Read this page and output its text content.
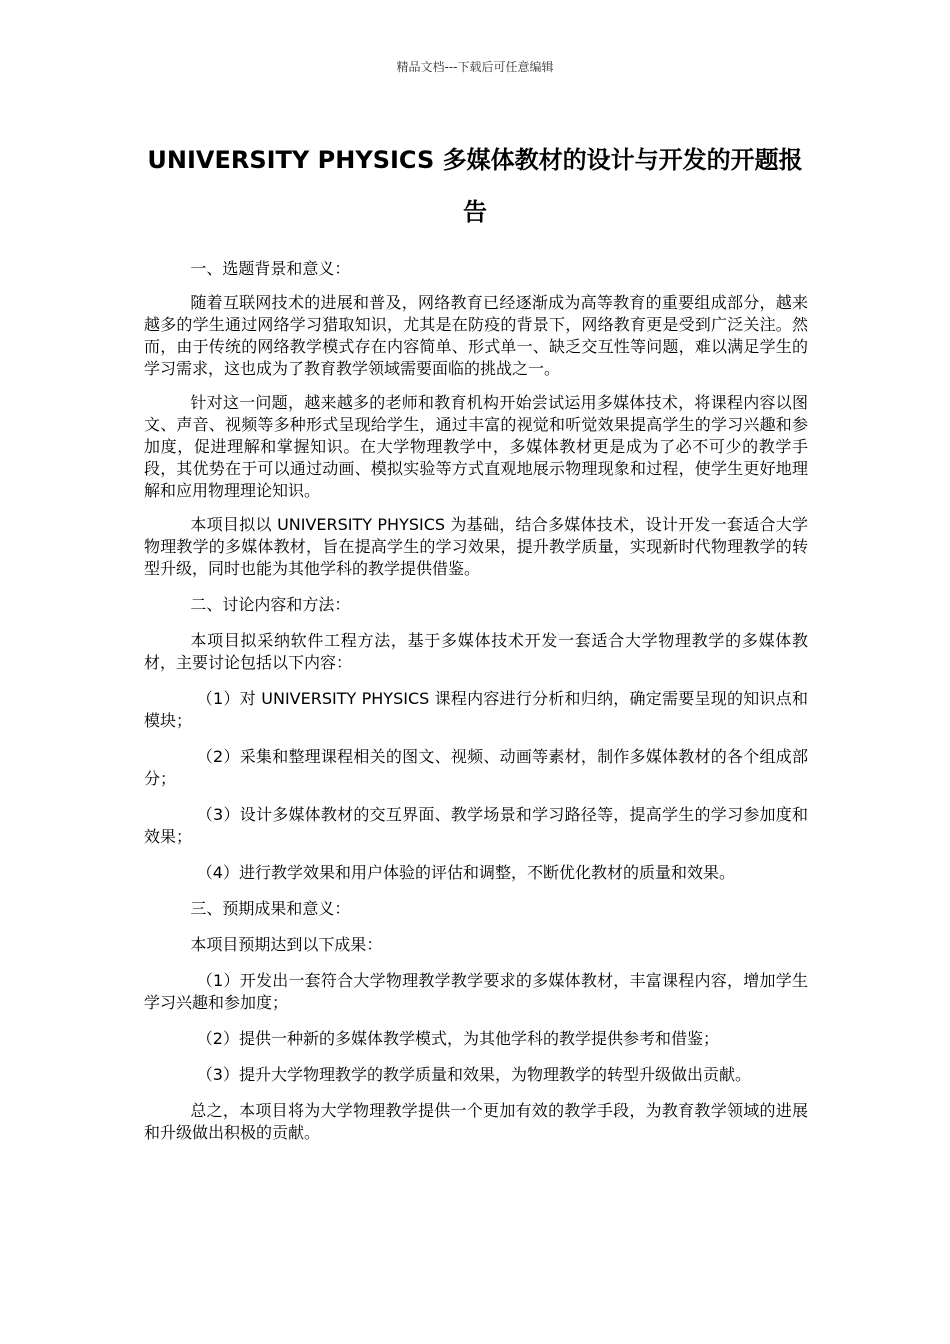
精品文档---下载后可任意编辑
UNIVERSITY PHYSICS 多媒体教材的设计与开发的开题报告

一、选题背景和意义：

随着互联网技术的进展和普及，网络教育已经逐渐成为高等教育的重要组成部分，越来越多的学生通过网络学习猎取知识，尤其是在防疫的背景下，网络教育更是受到广泛关注。然而，由于传统的网络教学模式存在内容简单、形式单一、缺乏交互性等问题，难以满足学生的学习需求，这也成为了教育教学领域需要面临的挑战之一。

针对这一问题，越来越多的老师和教育机构开始尝试运用多媒体技术，将课程内容以图文、声音、视频等多种形式呈现给学生，通过丰富的视觉和听觉效果提高学生的学习兴趣和参加度，促进理解和掌握知识。在大学物理教学中，多媒体教材更是成为了必不可少的教学手段，其优势在于可以通过动画、模拟实验等方式直观地展示物理现象和过程，使学生更好地理解和应用物理理论知识。

本项目拟以 UNIVERSITY PHYSICS 为基础，结合多媒体技术，设计开发一套适合大学物理教学的多媒体教材，旨在提高学生的学习效果，提升教学质量，实现新时代物理教学的转型升级，同时也能为其他学科的教学提供借鉴。

二、讨论内容和方法：

本项目拟采纳软件工程方法，基于多媒体技术开发一套适合大学物理教学的多媒体教材，主要讨论包括以下内容：

（1）对 UNIVERSITY PHYSICS 课程内容进行分析和归纳，确定需要呈现的知识点和模块；

（2）采集和整理课程相关的图文、视频、动画等素材，制作多媒体教材的各个组成部分；

（3）设计多媒体教材的交互界面、教学场景和学习路径等，提高学生的学习参加度和效果；

（4）进行教学效果和用户体验的评估和调整，不断优化教材的质量和效果。

三、预期成果和意义：

本项目预期达到以下成果：

（1）开发出一套符合大学物理教学教学要求的多媒体教材，丰富课程内容，增加学生学习兴趣和参加度；

（2）提供一种新的多媒体教学模式，为其他学科的教学提供参考和借鉴；

（3）提升大学物理教学的教学质量和效果，为物理教学的转型升级做出贡献。

总之，本项目将为大学物理教学提供一个更加有效的教学手段，为教育教学领域的进展和升级做出积极的贡献。
